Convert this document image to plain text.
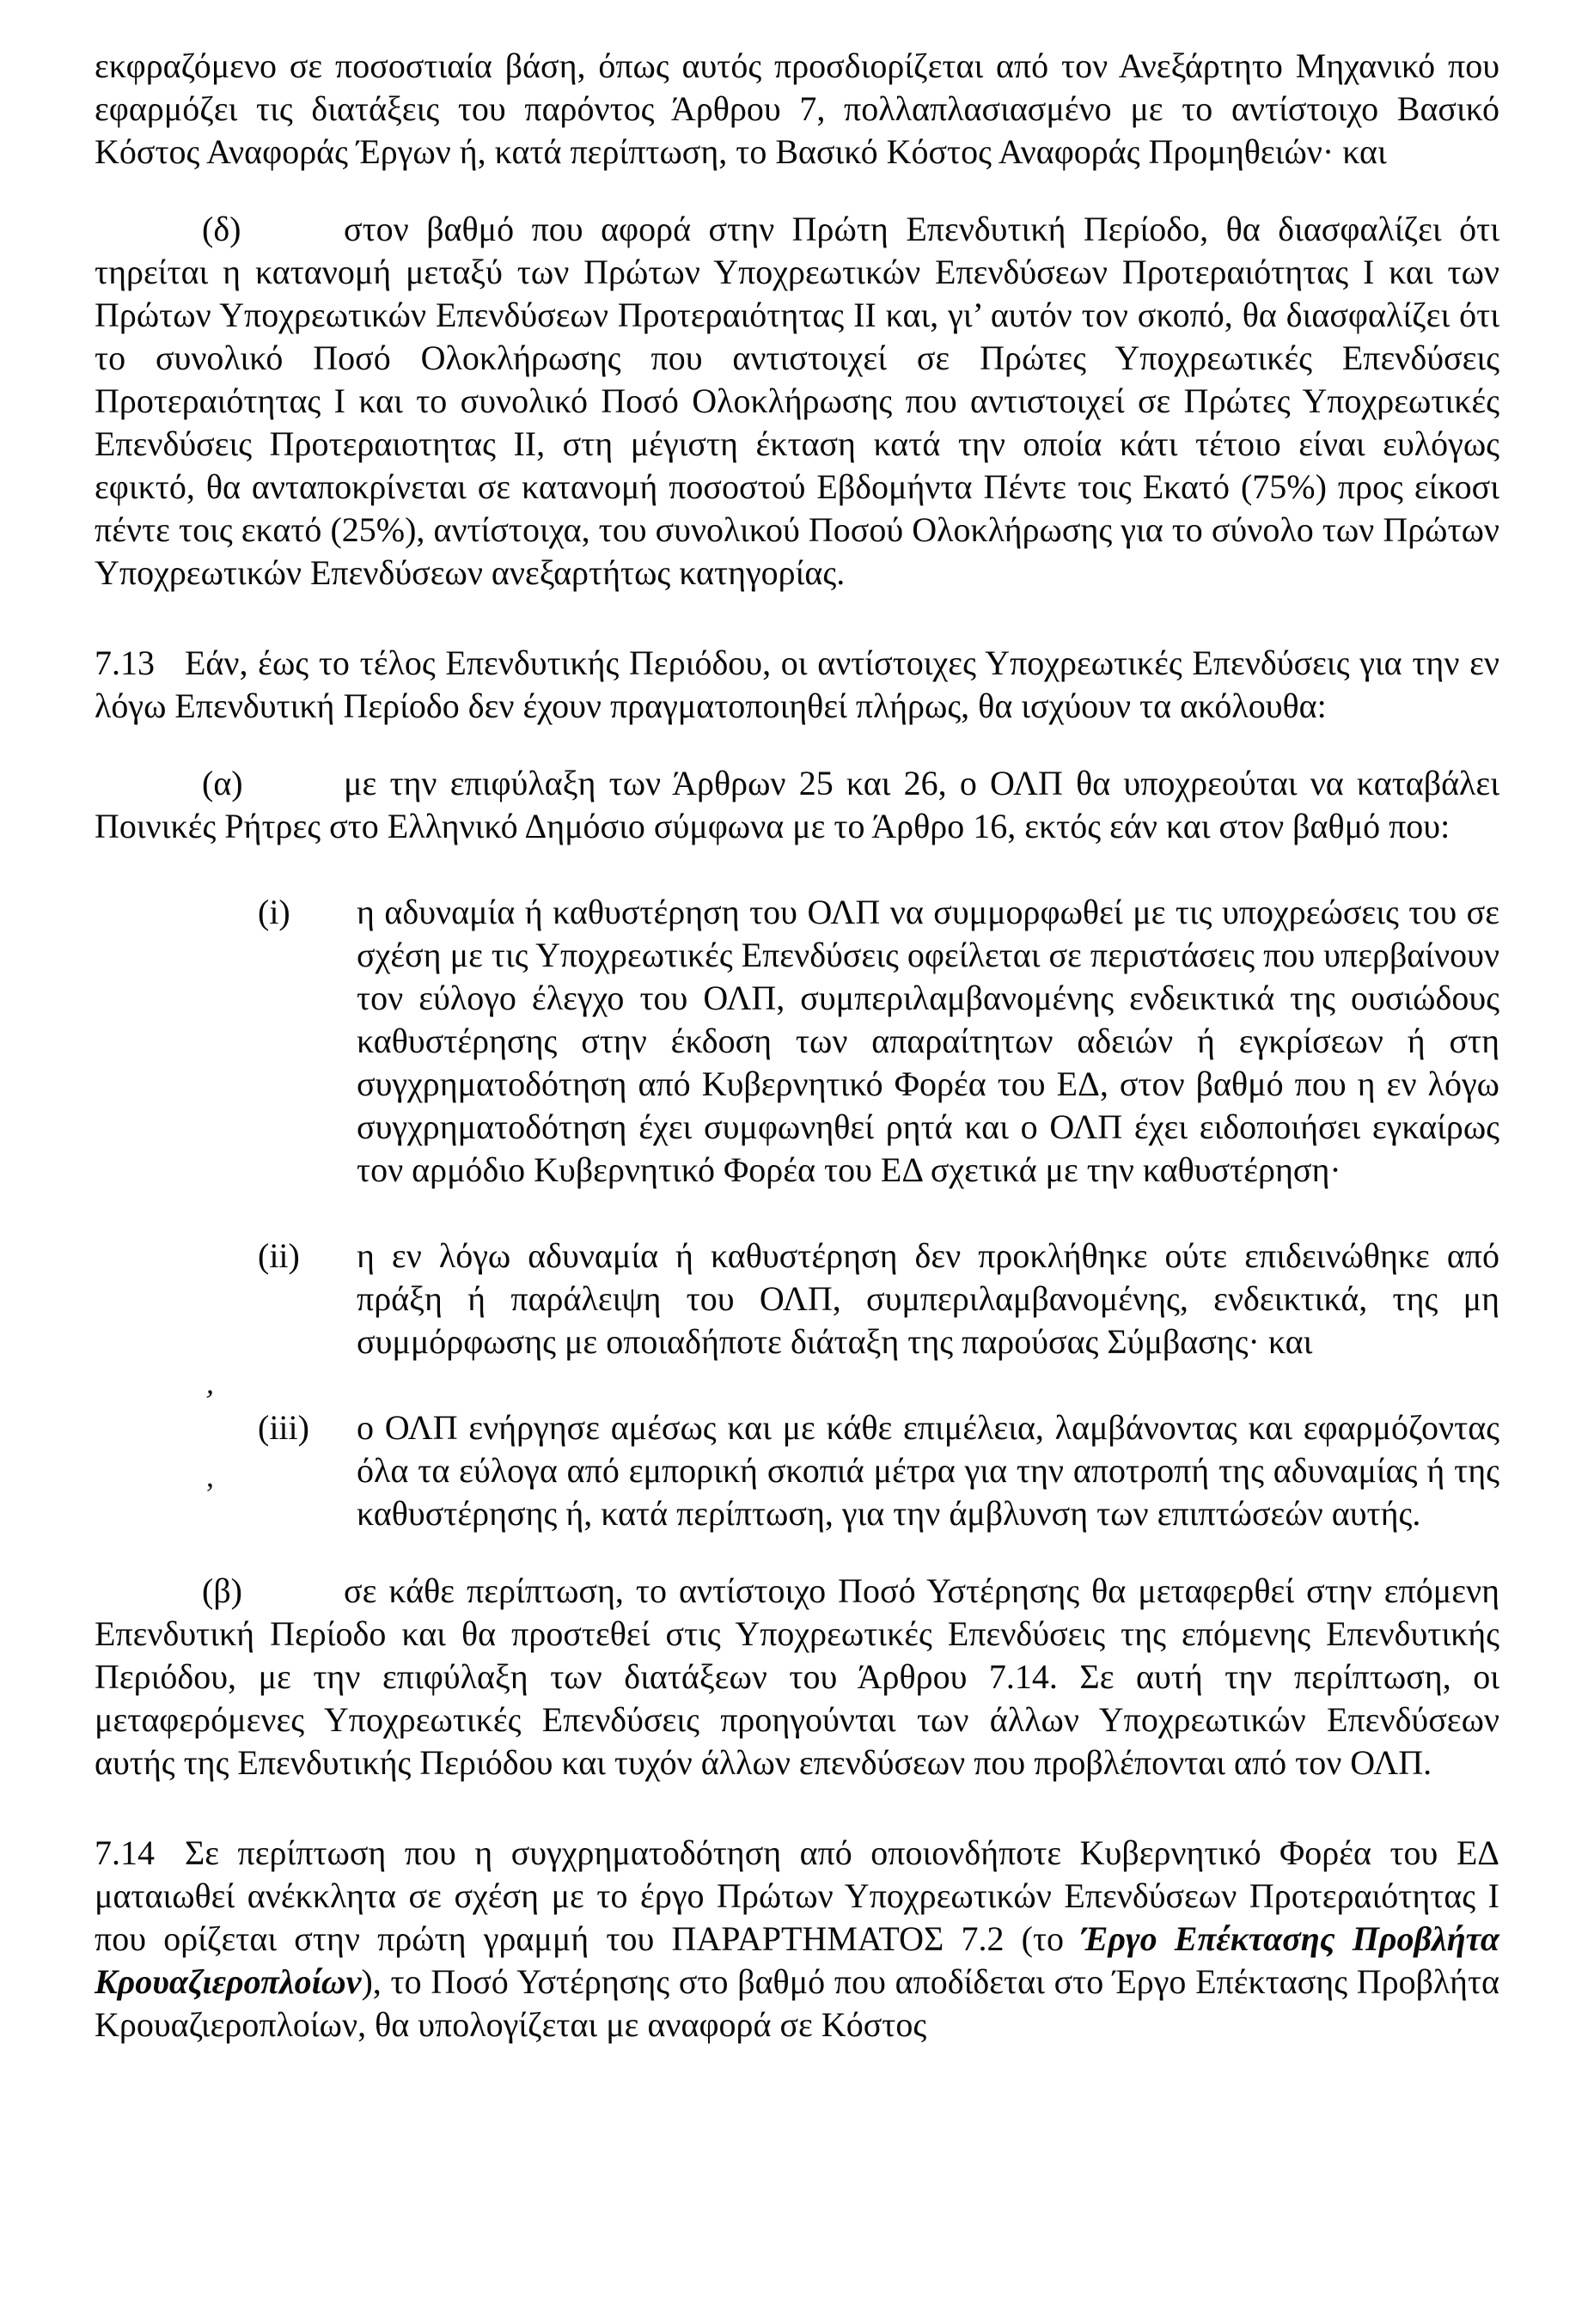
εκφραζόμενο σε ποσοστιαία βάση, όπως αυτός προσδιορίζεται από τον Ανεξάρτητο Μηχανικό που εφαρμόζει τις διατάξεις του παρόντος Άρθρου 7, πολλαπλασιασμένο με το αντίστοιχο Βασικό Κόστος Αναφοράς Έργων ή, κατά περίπτωση, το Βασικό Κόστος Αναφοράς Προμηθειών· και

(δ)	στον βαθμό που αφορά στην Πρώτη Επενδυτική Περίοδο, θα διασφαλίζει ότι τηρείται η κατανομή μεταξύ των Πρώτων Υποχρεωτικών Επενδύσεων Προτεραιότητας I και των Πρώτων Υποχρεωτικών Επενδύσεων Προτεραιότητας II και, γι’ αυτόν τον σκοπό, θα διασφαλίζει ότι το συνολικό Ποσό Ολοκλήρωσης που αντιστοιχεί σε Πρώτες Υποχρεωτικές Επενδύσεις Προτεραιότητας I και το συνολικό Ποσό Ολοκλήρωσης που αντιστοιχεί σε Πρώτες Υποχρεωτικές Επενδύσεις Προτεραιοτητας II, στη μέγιστη έκταση κατά την οποία κάτι τέτοιο είναι ευλόγως εφικτό, θα ανταποκρίνεται σε κατανομή ποσοστού Εβδομήντα Πέντε τοις Εκατό (75%) προς είκοσι πέντε τοις εκατό (25%), αντίστοιχα, του συνολικού Ποσού Ολοκλήρωσης για το σύνολο των Πρώτων Υποχρεωτικών Επενδύσεων ανεξαρτήτως κατηγορίας.

7.13 Εάν, έως το τέλος Επενδυτικής Περιόδου, οι αντίστοιχες Υποχρεωτικές Επενδύσεις για την εν λόγω Επενδυτική Περίοδο δεν έχουν πραγματοποιηθεί πλήρως, θα ισχύουν τα ακόλουθα:

(α)	με την επιφύλαξη των Άρθρων 25 και 26, ο ΟΛΠ θα υποχρεούται να καταβάλει Ποινικές Ρήτρες στο Ελληνικό Δημόσιο σύμφωνα με το Άρθρο 16, εκτός εάν και στον βαθμό που:

(i) η αδυναμία ή καθυστέρηση του ΟΛΠ να συμμορφωθεί με τις υποχρεώσεις του σε σχέση με τις Υποχρεωτικές Επενδύσεις οφείλεται σε περιστάσεις που υπερβαίνουν τον εύλογο έλεγχο του ΟΛΠ, συμπεριλαμβανομένης ενδεικτικά της ουσιώδους καθυστέρησης στην έκδοση των απαραίτητων αδειών ή εγκρίσεων ή στη συγχρηματοδότηση από Κυβερνητικό Φορέα του ΕΔ, στον βαθμό που η εν λόγω συγχρηματοδότηση έχει συμφωνηθεί ρητά και ο ΟΛΠ έχει ειδοποιήσει εγκαίρως τον αρμόδιο Κυβερνητικό Φορέα του ΕΔ σχετικά με την καθυστέρηση·

(ii) η εν λόγω αδυναμία ή καθυστέρηση δεν προκλήθηκε ούτε επιδεινώθηκε από πράξη ή παράλειψη του ΟΛΠ, συμπεριλαμβανομένης, ενδεικτικά, της μη συμμόρφωσης με οποιαδήποτε διάταξη της παρούσας Σύμβασης· και

(iii) ο ΟΛΠ ενήργησε αμέσως και με κάθε επιμέλεια, λαμβάνοντας και εφαρμόζοντας όλα τα εύλογα από εμπορική σκοπιά μέτρα για την αποτροπή της αδυναμίας ή της καθυστέρησης ή, κατά περίπτωση, για την άμβλυνση των επιπτώσεών αυτής.

(β)	σε κάθε περίπτωση, το αντίστοιχο Ποσό Υστέρησης θα μεταφερθεί στην επόμενη Επενδυτική Περίοδο και θα προστεθεί στις Υποχρεωτικές Επενδύσεις της επόμενης Επενδυτικής Περιόδου, με την επιφύλαξη των διατάξεων του Άρθρου 7.14. Σε αυτή την περίπτωση, οι μεταφερόμενες Υποχρεωτικές Επενδύσεις προηγούνται των άλλων Υποχρεωτικών Επενδύσεων αυτής της Επενδυτικής Περιόδου και τυχόν άλλων επενδύσεων που προβλέπονται από τον ΟΛΠ.

7.14 Σε περίπτωση που η συγχρηματοδότηση από οποιονδήποτε Κυβερνητικό Φορέα του ΕΔ ματαιωθεί ανέκκλητα σε σχέση με το έργο Πρώτων Υποχρεωτικών Επενδύσεων Προτεραιότητας I που ορίζεται στην πρώτη γραμμή του ΠΑΡΑΡΤΗΜΑΤΟΣ 7.2 (το Έργο Επέκτασης Προβλήτα Κρουαζιεροπλοίων), το Ποσό Υστέρησης στο βαθμό που αποδίδεται στο Έργο Επέκτασης Προβλήτα Κρουαζιεροπλοίων, θα υπολογίζεται με αναφορά σε Κόστος

’
,
